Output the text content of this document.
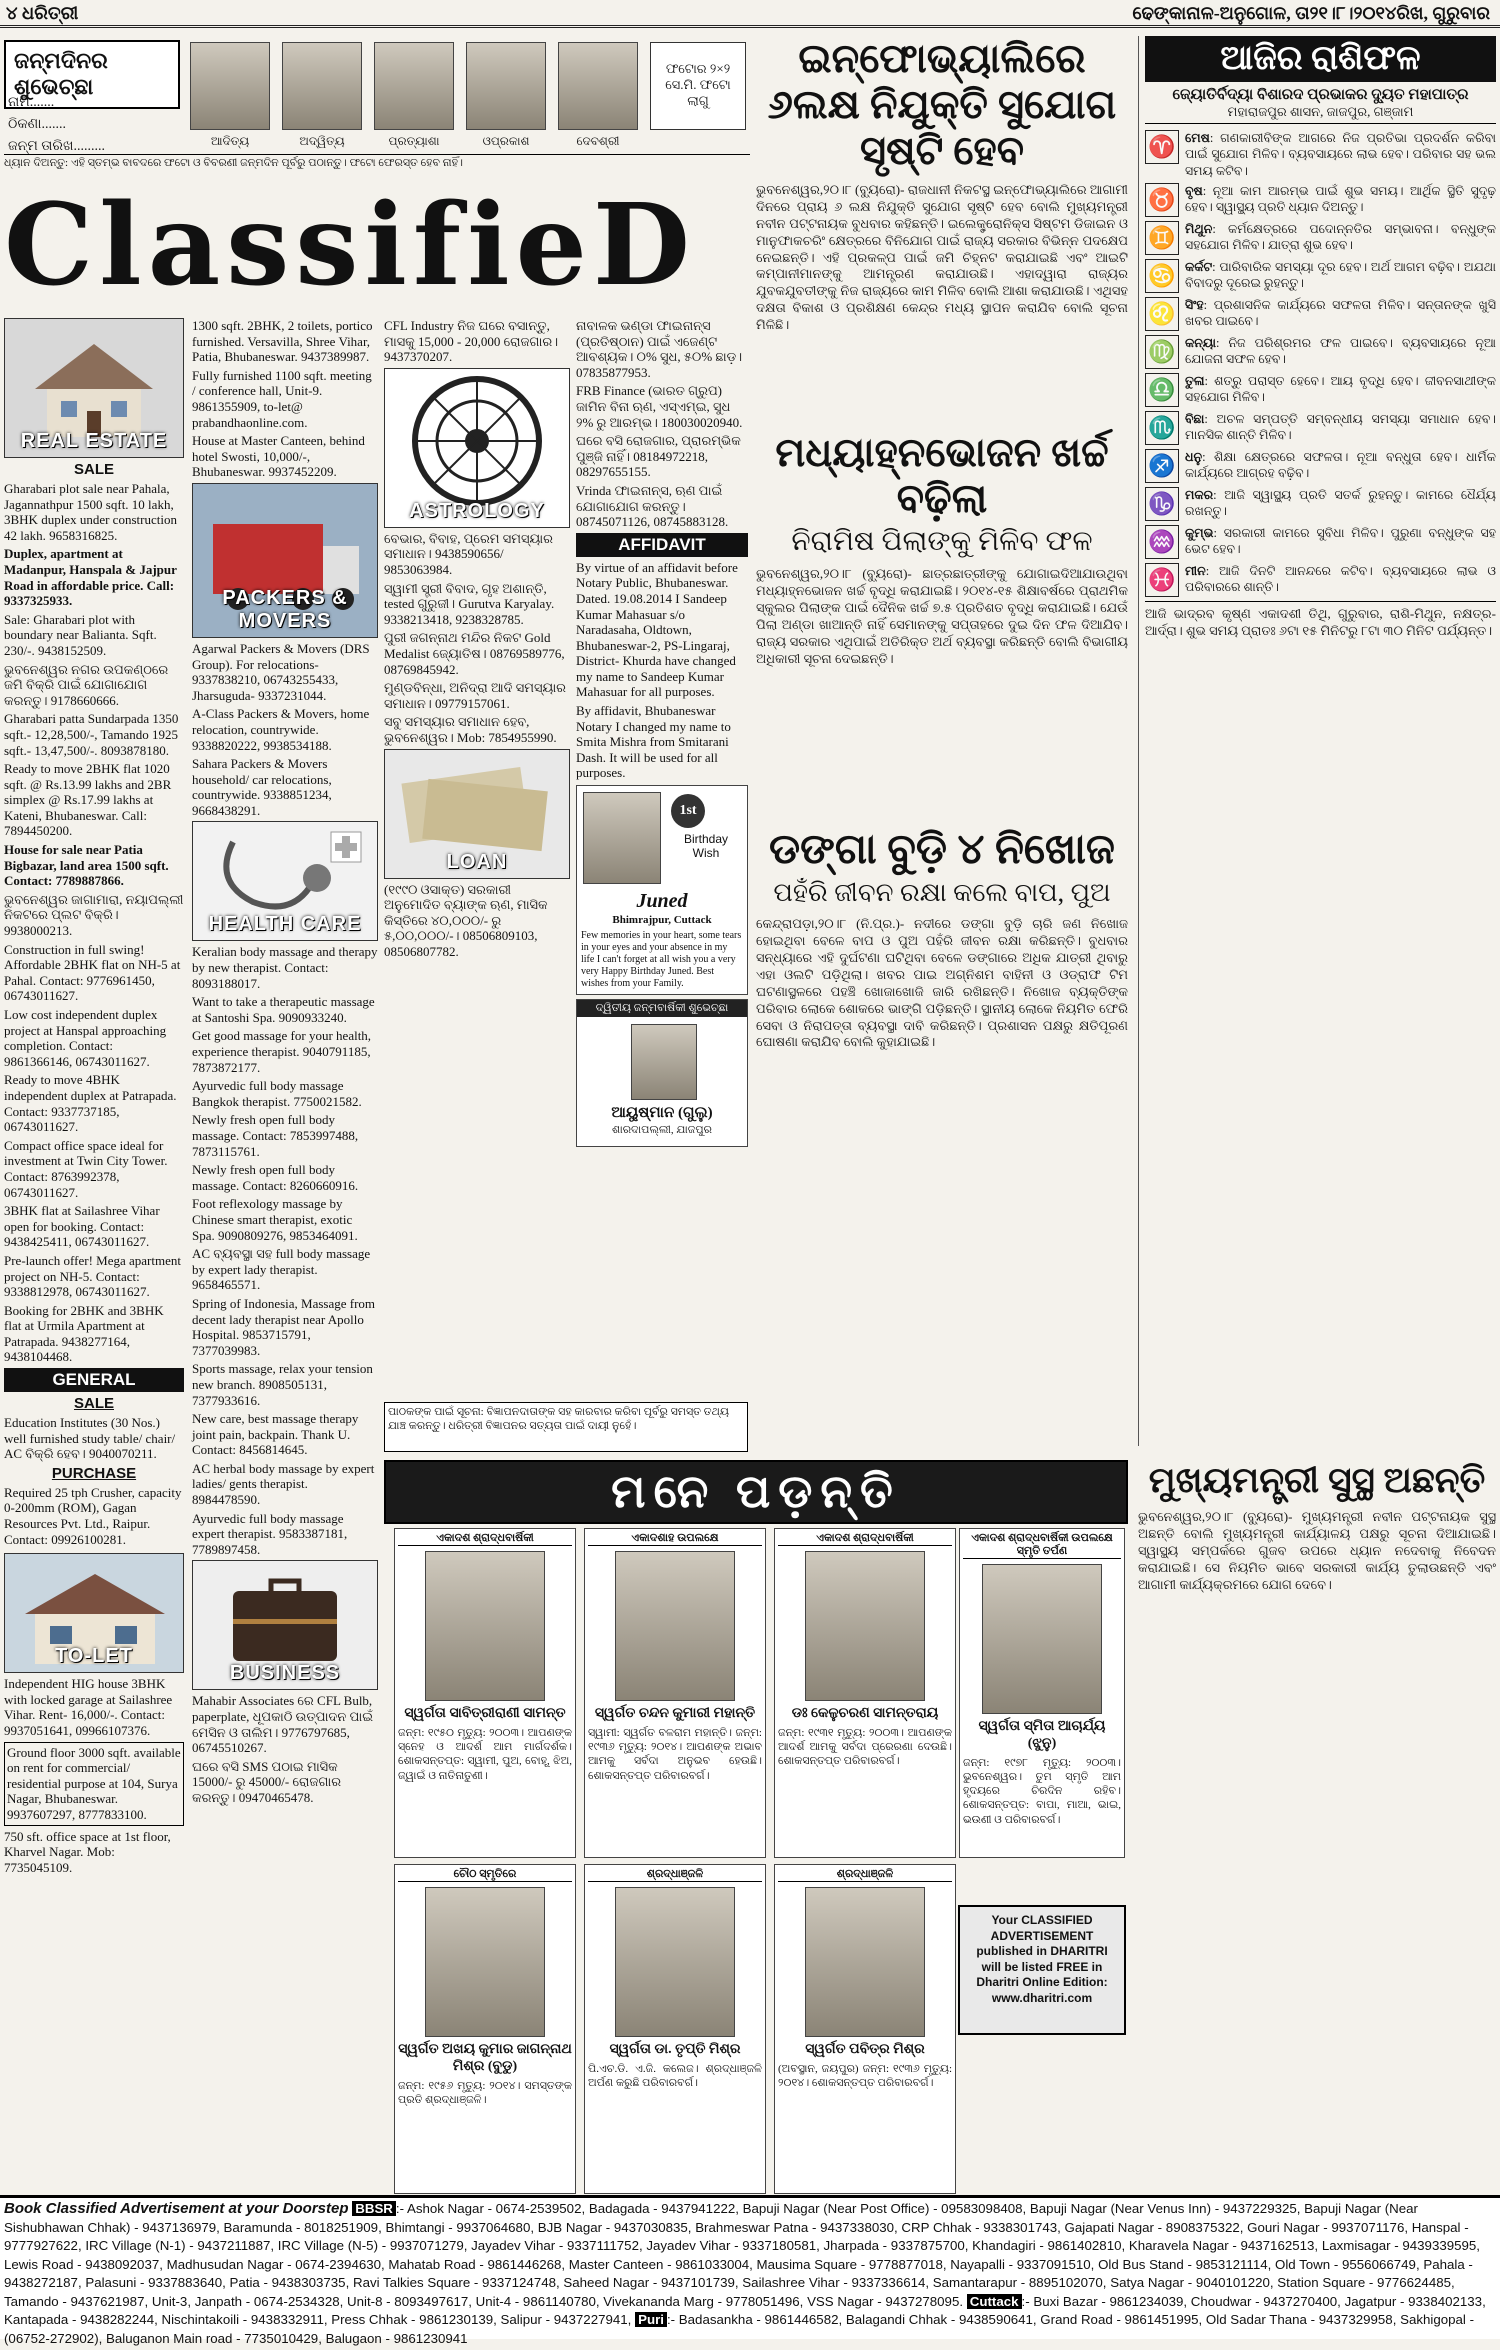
୪ ଧରିତ୍ରୀ	ଢେଙ୍କାନାଳ-ଅନୁଗୋଳ, ତା୨୧।୮।୨୦୧୪ରିଖ, ଗୁରୁବାର
ଜନ୍ମଦିନର ଶୁଭେଚ୍ଛା
ନାମ.......
ଠିକଣା.......
ଜନ୍ମ ତାରିଖ.........
ଫଟୋର ୨×୨ ସେ.ମି. ଫଟୋ ଲାଗୁ
ଆଦିତ୍ୟ	ଅଦ୍ୱିତ୍ୟ	ପ୍ରତ୍ୟାଶା	ଓପ୍ରକାଶ	ଦେବଶ୍ରୀ
ଧ୍ୟାନ ଦିଅନ୍ତୁ: ଏହି ସ୍ତମ୍ଭ ବାବଦରେ ଫଟୋ ଓ ବିବରଣୀ ଜନ୍ମଦିନ ପୂର୍ବରୁ ପଠାନ୍ତୁ। ଫଟୋ ଫେରସ୍ତ ହେବ ନାହିଁ।
ClassifieD
REAL ESTATE
SALE

Gharabari plot sale near Pahala, Jagannathpur 1500 sqft. 10 lakh, 3BHK duplex under construction 42 lakh. 9658316825.

Duplex, apartment at Madanpur, Hanspala & Jajpur Road in affordable price. Call: 9337325933.

Sale: Gharabari plot with boundary near Balianta. Sqft. 230/-. 9438152509.

ଭୁବନେଶ୍ୱର ନଗର ଉପକଣ୍ଠରେ ଜମି ବିକ୍ରି ପାଇଁ ଯୋଗାଯୋଗ କରନ୍ତୁ। 9178660666.

Gharabari patta Sundarpada 1350 sqft.- 12,28,500/-, Tamando 1925 sqft.- 13,47,500/-. 8093878180.

Ready to move 2BHK flat 1020 sqft. @ Rs.13.99 lakhs and 2BR simplex @ Rs.17.99 lakhs at Kateni, Bhubaneswar. Call: 7894450200.

House for sale near Patia Bigbazar, land area 1500 sqft. Contact: 7789887866.

ଭୁବନେଶ୍ୱର ଜାଗାମାରା, ନୟାପଲ୍ଲୀ ନିକଟରେ ପ୍ଲଟ ବିକ୍ରି। 9938000213.

Construction in full swing! Affordable 2BHK flat on NH-5 at Pahal. Contact: 9776961450, 06743011627.

Low cost independent duplex project at Hanspal approaching completion. Contact: 9861366146, 06743011627.

Ready to move 4BHK independent duplex at Patrapada. Contact: 9337737185, 06743011627.

Compact office space ideal for investment at Twin City Tower. Contact: 8763992378, 06743011627.

3BHK flat at Sailashree Vihar open for booking. Contact: 9438425411, 06743011627.

Pre-launch offer! Mega apartment project on NH-5. Contact: 9338812978, 06743011627.

Booking for 2BHK and 3BHK flat at Urmila Apartment at Patrapada. 9438277164, 9438104468.

GENERAL
SALE
Education Institutes (30 Nos.) well furnished study table/ chair/ AC ବିକ୍ରି ହେବ। 9040070211.
PURCHASE
Required 25 tph Crusher, capacity 0-200mm (ROM), Gagan Resources Pvt. Ltd., Raipur. Contact: 09926100281.
TO-LET

Independent HIG house 3BHK with locked garage at Sailashree Vihar. Rent- 16,000/-. Contact: 9937051641, 09966107376.

Ground floor 3000 sqft. available on rent for commercial/ residential purpose at 104, Surya Nagar, Bhubaneswar. 9937607297, 8777833100.

750 sft. office space at 1st floor, Kharvel Nagar. Mob: 7735045109.

1300 sqft. 2BHK, 2 toilets, portico furnished. Versavilla, Shree Vihar, Patia, Bhubaneswar. 9437389987.

Fully furnished 1100 sqft. meeting / conference hall, Unit-9. 9861355909, to-let@ prabandhaonline.com.

House at Master Canteen, behind hotel Swosti, 10,000/-, Bhubaneswar. 9937452209.

PACKERS & MOVERS

Agarwal Packers & Movers (DRS Group). For relocations- 9337838210, 06743255433, Jharsuguda- 9337231044.

A-Class Packers & Movers, home relocation, countrywide. 9338820222, 9938534188.

Sahara Packers & Movers household/ car relocations, countrywide. 9338851234, 9668438291.

HEALTH CARE

Keralian body massage and therapy by new therapist. Contact: 8093188017.

Want to take a therapeutic massage at Santoshi Spa. 9090933240.

Get good massage for your health, experience therapist. 9040791185, 7873872177.

Ayurvedic full body massage Bangkok therapist. 7750021582.

Newly fresh open full body massage. Contact: 7853997488, 7873115761.

Newly fresh open full body massage. Contact: 8260660916.

Foot reflexology massage by Chinese smart therapist, exotic Spa. 9090809276, 9853464091.

AC ବ୍ୟବସ୍ଥା ସହ full body massage by expert lady therapist. 9658465571.

Spring of Indonesia, Massage from decent lady therapist near Apollo Hospital. 9853715791, 7377039983.

Sports massage, relax your tension new branch. 8908505131, 7377933616.

New care, best massage therapy joint pain, backpain. Thank U. Contact: 8456814645.

AC herbal body massage by expert ladies/ gents therapist. 8984478590.

Ayurvedic full body massage expert therapist. 9583387181, 7789897458.

BUSINESS

Mahabir Associates ରେ CFL Bulb, paperplate, ଧୂପକାଠି ଉତ୍ପାଦନ ପାଇଁ ମେସିନ ଓ ତାଲିମ। 9776797685, 06745510267.

ଘରେ ବସି SMS ପଠାଇ ମାସିକ 15000/- ରୁ 45000/- ରୋଜଗାର କରନ୍ତୁ। 09470465478.

CFL Industry ନିଜ ଘରେ ବସାନ୍ତୁ, ମାସକୁ 15,000 - 20,000 ରୋଜଗାର। 9437370207.

ASTROLOGY

ବେଭାର, ବିବାହ, ପ୍ରେମ ସମସ୍ୟାର ସମାଧାନ। 9438590656/ 9853063984.

ସ୍ୱାମୀ ସ୍ତ୍ରୀ ବିବାଦ, ଗୃହ ଅଶାନ୍ତି, tested ଗୁରୁଜୀ। Gurutva Karyalay. 9338213418, 9238328785.

ପୁରୀ ଜଗନ୍ନାଥ ମନ୍ଦିର ନିକଟ Gold Medalist ଜ୍ୟୋତିଷ। 08769589776, 08769845942.

ମୁଣ୍ଡବିନ୍ଧା, ଅନିଦ୍ରା ଆଦି ସମସ୍ୟାର ସମାଧାନ। 09779157061.

ସବୁ ସମସ୍ୟାର ସମାଧାନ ହେବ, ଭୁବନେଶ୍ୱର। Mob: 7854955990.

LOAN

(୧୯୯୦ ଓସାକ୍ତ) ସରକାରୀ ଅନୁମୋଦିତ ବ୍ୟାଙ୍କ ଋଣ, ମାସିକ କିସ୍ତିରେ ୪୦,୦୦୦/- ରୁ ୫,୦୦,୦୦୦/-। 08506809103, 08506807782.

ନାବାଳକ ଭଣ୍ଡା ଫାଇନାନ୍ସ (ପ୍ରତିଷ୍ଠାନ) ପାଇଁ ଏଜେଣ୍ଟ ଆବଶ୍ୟକ। ୦% ସୁଧ, ୫୦% ଛାଡ଼। 07835877953.

FRB Finance (ଭାରତ ଗ୍ରୁପ) ଜାମିନ ବିନା ଋଣ, ଏସ୍‌ଏମ୍‌ଇ, ସୁଧ ୨% ରୁ ଆରମ୍ଭ। 180030020940.

ଘରେ ବସି ରୋଜଗାର, ପ୍ରାରମ୍ଭିକ ପୁଞ୍ଜି ନାହିଁ। 08184972218, 08297655155.

Vrinda ଫାଇନାନ୍ସ, ଋଣ ପାଇଁ ଯୋଗାଯୋଗ କରନ୍ତୁ। 08745071126, 08745883128.

AFFIDAVIT

By virtue of an affidavit before Notary Public, Bhubaneswar. Dated. 19.08.2014 I Sandeep Kumar Mahasuar s/o Naradasaha, Oldtown, Bhubaneswar-2, PS-Lingaraj, District- Khurda have changed my name to Sandeep Kumar Mahasuar for all purposes.

By affidavit, Bhubaneswar Notary I changed my name to Smita Mishra from Smitarani Dash. It will be used for all purposes.

1st
Birthday Wish
Juned
Bhimrajpur, Cuttack
Few memories in your heart, some tears in your eyes and your absence in my life I can't forget at all wish you a very very Happy Birthday Juned. Best wishes from your Family.
ଦ୍ୱିତୀୟ ଜନ୍ମବାର୍ଷିକୀ ଶୁଭେଚ୍ଛା
ଆୟୁଷ୍ମାନ (ଗୁଲୁ)
ଶାରଦାପଲ୍ଲୀ, ଯାଜପୁର
ପାଠକଙ୍କ ପାଇଁ ସୂଚନା: ବିଜ୍ଞାପନଦାତାଙ୍କ ସହ କାରବାର କରିବା ପୂର୍ବରୁ ସମସ୍ତ ତଥ୍ୟ ଯାଞ୍ଚ କରନ୍ତୁ। ଧରିତ୍ରୀ ବିଜ୍ଞାପନର ସତ୍ୟତା ପାଇଁ ଦାୟୀ ନୁହେଁ।
ଇନ୍‌ଫୋଭ୍ୟାଲିରେ ୬ଲକ୍ଷ ନିଯୁକ୍ତି ସୁଯୋଗ ସୃଷ୍ଟି ହେବ
ଭୁବନେଶ୍ୱର,୨୦।୮ (ବ୍ୟୁରୋ)- ରାଜଧାନୀ ନିକଟସ୍ଥ ଇନ୍‌ଫୋଭ୍ୟାଲିରେ ଆଗାମୀ ଦିନରେ ପ୍ରାୟ ୬ ଲକ୍ଷ ନିଯୁକ୍ତି ସୁଯୋଗ ସୃଷ୍ଟି ହେବ ବୋଲି ମୁଖ୍ୟମନ୍ତ୍ରୀ ନବୀନ ପଟ୍ଟନାୟକ ବୁଧବାର କହିଛନ୍ତି। ଇଲେକ୍ଟ୍ରୋନିକ୍ସ ସିଷ୍ଟମ ଡିଜାଇନ ଓ ମାନୁଫାକଚରିଂ କ୍ଷେତ୍ରରେ ବିନିଯୋଗ ପାଇଁ ରାଜ୍ୟ ସରକାର ବିଭିନ୍ନ ପଦକ୍ଷେପ ନେଇଛନ୍ତି। ଏହି ପ୍ରକଳ୍ପ ପାଇଁ ଜମି ଚିହ୍ନଟ କରାଯାଇଛି ଏବଂ ଆଇଟି କମ୍ପାନୀମାନଙ୍କୁ ଆମନ୍ତ୍ରଣ କରାଯାଉଛି। ଏହାଦ୍ୱାରା ରାଜ୍ୟର ଯୁବକଯୁବତୀଙ୍କୁ ନିଜ ରାଜ୍ୟରେ କାମ ମିଳିବ ବୋଲି ଆଶା କରାଯାଉଛି। ଏଥିସହ ଦକ୍ଷତା ବିକାଶ ଓ ପ୍ରଶିକ୍ଷଣ କେନ୍ଦ୍ର ମଧ୍ୟ ସ୍ଥାପନ କରାଯିବ ବୋଲି ସୂଚନା ମିଳିଛି।
ମଧ୍ୟାହ୍ନଭୋଜନ ଖର୍ଚ୍ଚ ବଢ଼ିଲା
ନିରାମିଷ ପିଲାଙ୍କୁ ମିଳିବ ଫଳ
ଭୁବନେଶ୍ୱର,୨୦।୮ (ବ୍ୟୁରୋ)- ଛାତ୍ରଛାତ୍ରୀଙ୍କୁ ଯୋଗାଇଦିଆଯାଉଥିବା ମଧ୍ୟାହ୍ନଭୋଜନ ଖର୍ଚ୍ଚ ବୃଦ୍ଧି କରାଯାଇଛି। ୨୦୧୪-୧୫ ଶିକ୍ଷାବର୍ଷରେ ପ୍ରାଥମିକ ସ୍କୁଲର ପିଲାଙ୍କ ପାଇଁ ଦୈନିକ ଖର୍ଚ୍ଚ ୭.୫ ପ୍ରତିଶତ ବୃଦ୍ଧି କରାଯାଇଛି। ଯେଉଁ ପିଲା ଅଣ୍ଡା ଖାଆନ୍ତି ନାହିଁ ସେମାନଙ୍କୁ ସପ୍ତାହରେ ଦୁଇ ଦିନ ଫଳ ଦିଆଯିବ। ରାଜ୍ୟ ସରକାର ଏଥିପାଇଁ ଅତିରିକ୍ତ ଅର୍ଥ ବ୍ୟବସ୍ଥା କରିଛନ୍ତି ବୋଲି ବିଭାଗୀୟ ଅଧିକାରୀ ସୂଚନା ଦେଇଛନ୍ତି।
ଡଙ୍ଗା ବୁଡ଼ି ୪ ନିଖୋଜ
ପହଁରି ଜୀବନ ରକ୍ଷା କଲେ ବାପ, ପୁଅ
କେନ୍ଦ୍ରାପଡ଼ା,୨୦।୮ (ନି.ପ୍ର.)- ନଦୀରେ ଡଙ୍ଗା ବୁଡ଼ି ଚାରି ଜଣ ନିଖୋଜ ହୋଇଥିବା ବେଳେ ବାପ ଓ ପୁଅ ପହଁରି ଜୀବନ ରକ୍ଷା କରିଛନ୍ତି। ବୁଧବାର ସନ୍ଧ୍ୟାରେ ଏହି ଦୁର୍ଘଟଣା ଘଟିଥିବା ବେଳେ ଡଙ୍ଗାରେ ଅଧିକ ଯାତ୍ରୀ ଥିବାରୁ ଏହା ଓଲଟି ପଡ଼ିଥିଲା। ଖବର ପାଇ ଅଗ୍ନିଶମ ବାହିନୀ ଓ ଓଡ୍ରାଫ ଟିମ ଘଟଣାସ୍ଥଳରେ ପହଞ୍ଚି ଖୋଜାଖୋଜି ଜାରି ରଖିଛନ୍ତି। ନିଖୋଜ ବ୍ୟକ୍ତିଙ୍କ ପରିବାର ଲୋକେ ଶୋକରେ ଭାଙ୍ଗି ପଡ଼ିଛନ୍ତି। ସ୍ଥାନୀୟ ଲୋକେ ନିୟମିତ ଫେରି ସେବା ଓ ନିରାପତ୍ତା ବ୍ୟବସ୍ଥା ଦାବି କରିଛନ୍ତି। ପ୍ରଶାସନ ପକ୍ଷରୁ କ୍ଷତିପୂରଣ ଘୋଷଣା କରାଯିବ ବୋଲି କୁହାଯାଇଛି।
ଆଜିର ରାଶିଫଳ
ଜ୍ୟୋତିର୍ବିଦ୍ୟା ବିଶାରଦ ପ୍ରଭାକର ଦ୍ୟୁତ ମହାପାତ୍ର
ମହାରାଜପୁର ଶାସନ, ଜାଜପୁର, ଗଞ୍ଜାମ
♈ ମେଷ: ଗଣକାରୀବିଙ୍କ ଆଗରେ ନିଜ ପ୍ରତିଭା ପ୍ରଦର୍ଶନ କରିବା ପାଇଁ ସୁଯୋଗ ମିଳିବ। ବ୍ୟବସାୟରେ ଲାଭ ହେବ। ପରିବାର ସହ ଭଲ ସମୟ କଟିବ।
♉ ବୃଷ: ନୂଆ କାମ ଆରମ୍ଭ ପାଇଁ ଶୁଭ ସମୟ। ଆର୍ଥିକ ସ୍ଥିତି ସୁଦୃଢ଼ ହେବ। ସ୍ୱାସ୍ଥ୍ୟ ପ୍ରତି ଧ୍ୟାନ ଦିଅନ୍ତୁ।
♊ ମିଥୁନ: କର୍ମକ୍ଷେତ୍ରରେ ପଦୋନ୍ନତିର ସମ୍ଭାବନା। ବନ୍ଧୁଙ୍କ ସହଯୋଗ ମିଳିବ। ଯାତ୍ରା ଶୁଭ ହେବ।
♋ କର୍କଟ: ପାରିବାରିକ ସମସ୍ୟା ଦୂର ହେବ। ଅର୍ଥ ଆଗମ ବଢ଼ିବ। ଅଯଥା ବିବାଦରୁ ଦୂରେଇ ରୁହନ୍ତୁ।
♌ ସିଂହ: ପ୍ରଶାସନିକ କାର୍ଯ୍ୟରେ ସଫଳତା ମିଳିବ। ସନ୍ତାନଙ୍କ ଖୁସି ଖବର ପାଇବେ।
♍ କନ୍ୟା: ନିଜ ପରିଶ୍ରମର ଫଳ ପାଇବେ। ବ୍ୟବସାୟରେ ନୂଆ ଯୋଜନା ସଫଳ ହେବ।
♎ ତୁଳା: ଶତ୍ରୁ ପରାସ୍ତ ହେବେ। ଆୟ ବୃଦ୍ଧି ହେବ। ଜୀବନସାଥୀଙ୍କ ସହଯୋଗ ମିଳିବ।
♏ ବିଛା: ଅଚଳ ସମ୍ପତ୍ତି ସମ୍ବନ୍ଧୀୟ ସମସ୍ୟା ସମାଧାନ ହେବ। ମାନସିକ ଶାନ୍ତି ମିଳିବ।
♐ ଧନୁ: ଶିକ୍ଷା କ୍ଷେତ୍ରରେ ସଫଳତା। ନୂଆ ବନ୍ଧୁତା ହେବ। ଧାର୍ମିକ କାର୍ଯ୍ୟରେ ଆଗ୍ରହ ବଢ଼ିବ।
♑ ମକର: ଆଜି ସ୍ୱାସ୍ଥ୍ୟ ପ୍ରତି ସତର୍କ ରୁହନ୍ତୁ। କାମରେ ଧୈର୍ଯ୍ୟ ରଖନ୍ତୁ।
♒ କୁମ୍ଭ: ସରକାରୀ କାମରେ ସୁବିଧା ମିଳିବ। ପୁରୁଣା ବନ୍ଧୁଙ୍କ ସହ ଭେଟ ହେବ।
♓ ମୀନ: ଆଜି ଦିନଟି ଆନନ୍ଦରେ କଟିବ। ବ୍ୟବସାୟରେ ଲାଭ ଓ ପରିବାରରେ ଶାନ୍ତି।
ଆଜି ଭାଦ୍ରବ କୃଷ୍ଣ ଏକାଦଶୀ ତିଥି, ଗୁରୁବାର, ରାଶି-ମିଥୁନ, ନକ୍ଷତ୍ର-ଆର୍ଦ୍ରା। ଶୁଭ ସମୟ ପ୍ରାତଃ ୬ଟା ୧୫ ମିନିଟରୁ ୮ଟା ୩୦ ମିନିଟ ପର୍ଯ୍ୟନ୍ତ।
ମୁଖ୍ୟମନ୍ତ୍ରୀ ସୁସ୍ଥ ଅଛନ୍ତି
ଭୁବନେଶ୍ୱର,୨୦।୮ (ବ୍ୟୁରୋ)- ମୁଖ୍ୟମନ୍ତ୍ରୀ ନବୀନ ପଟ୍ଟନାୟକ ସୁସ୍ଥ ଅଛନ୍ତି ବୋଲି ମୁଖ୍ୟମନ୍ତ୍ରୀ କାର୍ଯ୍ୟାଳୟ ପକ୍ଷରୁ ସୂଚନା ଦିଆଯାଇଛି। ସ୍ୱାସ୍ଥ୍ୟ ସମ୍ପର୍କରେ ଗୁଜବ ଉପରେ ଧ୍ୟାନ ନଦେବାକୁ ନିବେଦନ କରାଯାଇଛି। ସେ ନିୟମିତ ଭାବେ ସରକାରୀ କାର୍ଯ୍ୟ ତୁଲାଉଛନ୍ତି ଏବଂ ଆଗାମୀ କାର୍ଯ୍ୟକ୍ରମରେ ଯୋଗ ଦେବେ।
ମନେ ପଡ଼ନ୍ତି
ଏକାଦଶ ଶ୍ରାଦ୍ଧବାର୍ଷିକୀ
ସ୍ୱର୍ଗତା ସାବିତ୍ରୀରାଣୀ ସାମନ୍ତ
ଜନ୍ମ: ୧୯୫୦ ମୃତ୍ୟୁ: ୨୦୦୩। ଆପଣଙ୍କ ସ୍ନେହ ଓ ଆଦର୍ଶ ଆମ ମାର୍ଗଦର୍ଶକ। ଶୋକସନ୍ତପ୍ତ: ସ୍ୱାମୀ, ପୁଅ, ବୋହୂ, ଝିଅ, ଜ୍ୱାଇଁ ଓ ନାତିନାତୁଣୀ।
ଏକାଦଶାହ ଉପଲକ୍ଷେ
ସ୍ୱର୍ଗତ ଚନ୍ଦନ କୁମାରୀ ମହାନ୍ତି
ସ୍ୱାମୀ: ସ୍ୱର୍ଗତ ବଳରାମ ମହାନ୍ତି। ଜନ୍ମ: ୧୯୩୬ ମୃତ୍ୟୁ: ୨୦୧୪। ଆପଣଙ୍କ ଅଭାବ ଆମକୁ ସର୍ବଦା ଅନୁଭବ ହେଉଛି। ଶୋକସନ୍ତପ୍ତ ପରିବାରବର୍ଗ।
ଏକାଦଶ ଶ୍ରାଦ୍ଧବାର୍ଷିକୀ
ଡଃ କେଳୁଚରଣ ସାମନ୍ତରାୟ
ଜନ୍ମ: ୧୯୩୧ ମୃତ୍ୟୁ: ୨୦୦୩। ଆପଣଙ୍କ ଆଦର୍ଶ ଆମକୁ ସର୍ବଦା ପ୍ରେରଣା ଦେଉଛି। ଶୋକସନ୍ତପ୍ତ ପରିବାରବର୍ଗ।
ଏକାଦଶ ଶ୍ରାଦ୍ଧବାର୍ଷିକୀ ଉପଲକ୍ଷେ ସ୍ମୃତି ତର୍ପଣ
ସ୍ୱର୍ଗତା ସ୍ମିତା ଆଚାର୍ଯ୍ୟ (ଝୁନୁ)
ଜନ୍ମ: ୧୯୭୮ ମୃତ୍ୟୁ: ୨୦୦୩। ଭୁବନେଶ୍ୱର। ତୁମ ସ୍ମୃତି ଆମ ହୃଦୟରେ ଚିରଦିନ ରହିବ। ଶୋକସନ୍ତପ୍ତ: ବାପା, ମାଆ, ଭାଇ, ଭଉଣୀ ଓ ପରିବାରବର୍ଗ।
ଚୌଠ ସ୍ମୃତିରେ
ସ୍ୱର୍ଗତ ଅଖୟ କୁମାର ଜାଗନ୍ନାଥ ମିଶ୍ର (ବୁଡୁ)
ଜନ୍ମ: ୧୯୫୬ ମୃତ୍ୟୁ: ୨୦୧୪। ସମସ୍ତଙ୍କ ପ୍ରତି ଶ୍ରଦ୍ଧାଞ୍ଜଳି।
ଶ୍ରଦ୍ଧାଞ୍ଜଳି
ସ୍ୱର୍ଗତା ଡା. ତୃପ୍ତି ମିଶ୍ର
ପି.ଏଚ.ଡି. ଏ.ଜି. କଲେଜ। ଶ୍ରଦ୍ଧାଞ୍ଜଳି ଅର୍ପଣ କରୁଛି ପରିବାରବର୍ଗ।
ଶ୍ରଦ୍ଧାଞ୍ଜଳି
ସ୍ୱର୍ଗତ ପବିତ୍ର ମିଶ୍ର
(ଅବସ୍ଥାନ, ଜୟପୁର) ଜନ୍ମ: ୧୯୩୬ ମୃତ୍ୟୁ: ୨୦୧୪। ଶୋକସନ୍ତପ୍ତ ପରିବାରବର୍ଗ।
Your CLASSIFIED ADVERTISEMENT published in DHARITRI will be listed FREE in Dharitri Online Edition: www.dharitri.com
Book Classified Advertisement at your Doorstep BBSR :- Ashok Nagar - 0674-2539502, Badagada - 9437941222, Bapuji Nagar (Near Post Office) - 09583098408, Bapuji Nagar (Near Venus Inn) - 9437229325, Bapuji Nagar (Near Sishubhawan Chhak) - 9437136979, Baramunda - 8018251909, Bhimtangi - 9937064680, BJB Nagar - 9437030835, Brahmeswar Patna - 9437338030, CRP Chhak - 9338301743, Gajapati Nagar - 8908375322, Gouri Nagar - 9937071176, Hanspal - 9777927622, IRC Village (N-1) - 9437211887, IRC Village (N-5) - 9937071279, Jayadev Vihar - 9337111752, Jayadev Vihar - 9337180581, Jharpada - 9337875700, Khandagiri - 9861402810, Kharavela Nagar - 9437162513, Laxmisagar - 9439339595, Lewis Road - 9438092037, Madhusudan Nagar - 0674-2394630, Mahatab Road - 9861446268, Master Canteen - 9861033004, Mausima Square - 9778877018, Nayapalli - 9337091510, Old Bus Stand - 9853121114, Old Town - 9556066749, Pahala - 9438272187, Palasuni - 9337883640, Patia - 9438303735, Ravi Talkies Square - 9337124748, Saheed Nagar - 9437101739, Sailashree Vihar - 9337336614, Samantarapur - 8895102070, Satya Nagar - 9040101220, Station Square - 9776624485, Tamando - 9437621987, Unit-3, Janpath - 0674-2534328, Unit-8 - 8093497617, Unit-4 - 9861140780, Vivekananda Marg - 9778051496, VSS Nagar - 9437278095. Cuttack :- Buxi Bazar - 9861234039, Choudwar - 9437270400, Jagatpur - 9338402133, Kantapada - 9438282244, Nischintakoili - 9438332911, Press Chhak - 9861230139, Salipur - 9437227941, Puri :- Badasankha - 9861446582, Balagandi Chhak - 9438590641, Grand Road - 9861451995, Old Sadar Thana - 9437329958, Sakhigopal - (06752-272902), Baluganon Main road - 7735010429, Balugaon - 9861230941
